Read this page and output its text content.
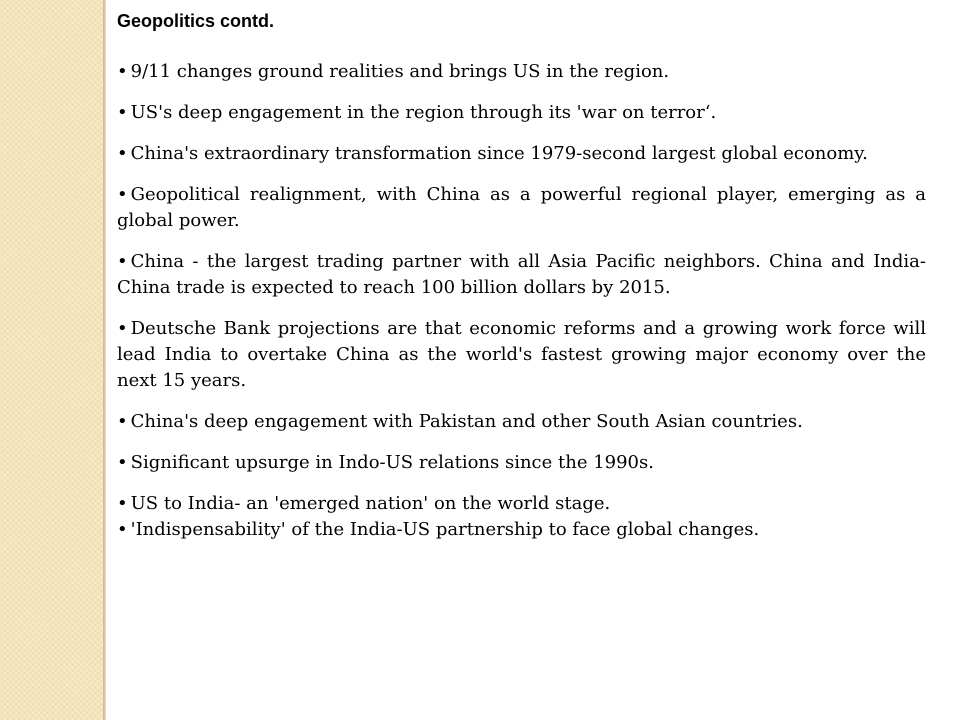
Geopolitics contd.
• 9/11 changes ground realities and brings US in the region.
• US's deep engagement in the region through its 'war on terror‘.
• China's extraordinary transformation since 1979-second largest global economy.
• Geopolitical realignment, with China as a powerful regional player, emerging as a global power.
• China - the largest trading partner with all Asia Pacific neighbors. China and India-China trade is expected to reach 100 billion dollars by 2015.
• Deutsche Bank projections are that economic reforms and a growing work force will lead India to overtake China as the world's fastest growing major economy over the next 15 years.
• China's deep engagement with Pakistan and other South Asian countries.
• Significant upsurge in Indo-US relations since the 1990s.
• US to India- an 'emerged nation' on the world stage.
• 'Indispensability' of the India-US partnership to face global changes.
